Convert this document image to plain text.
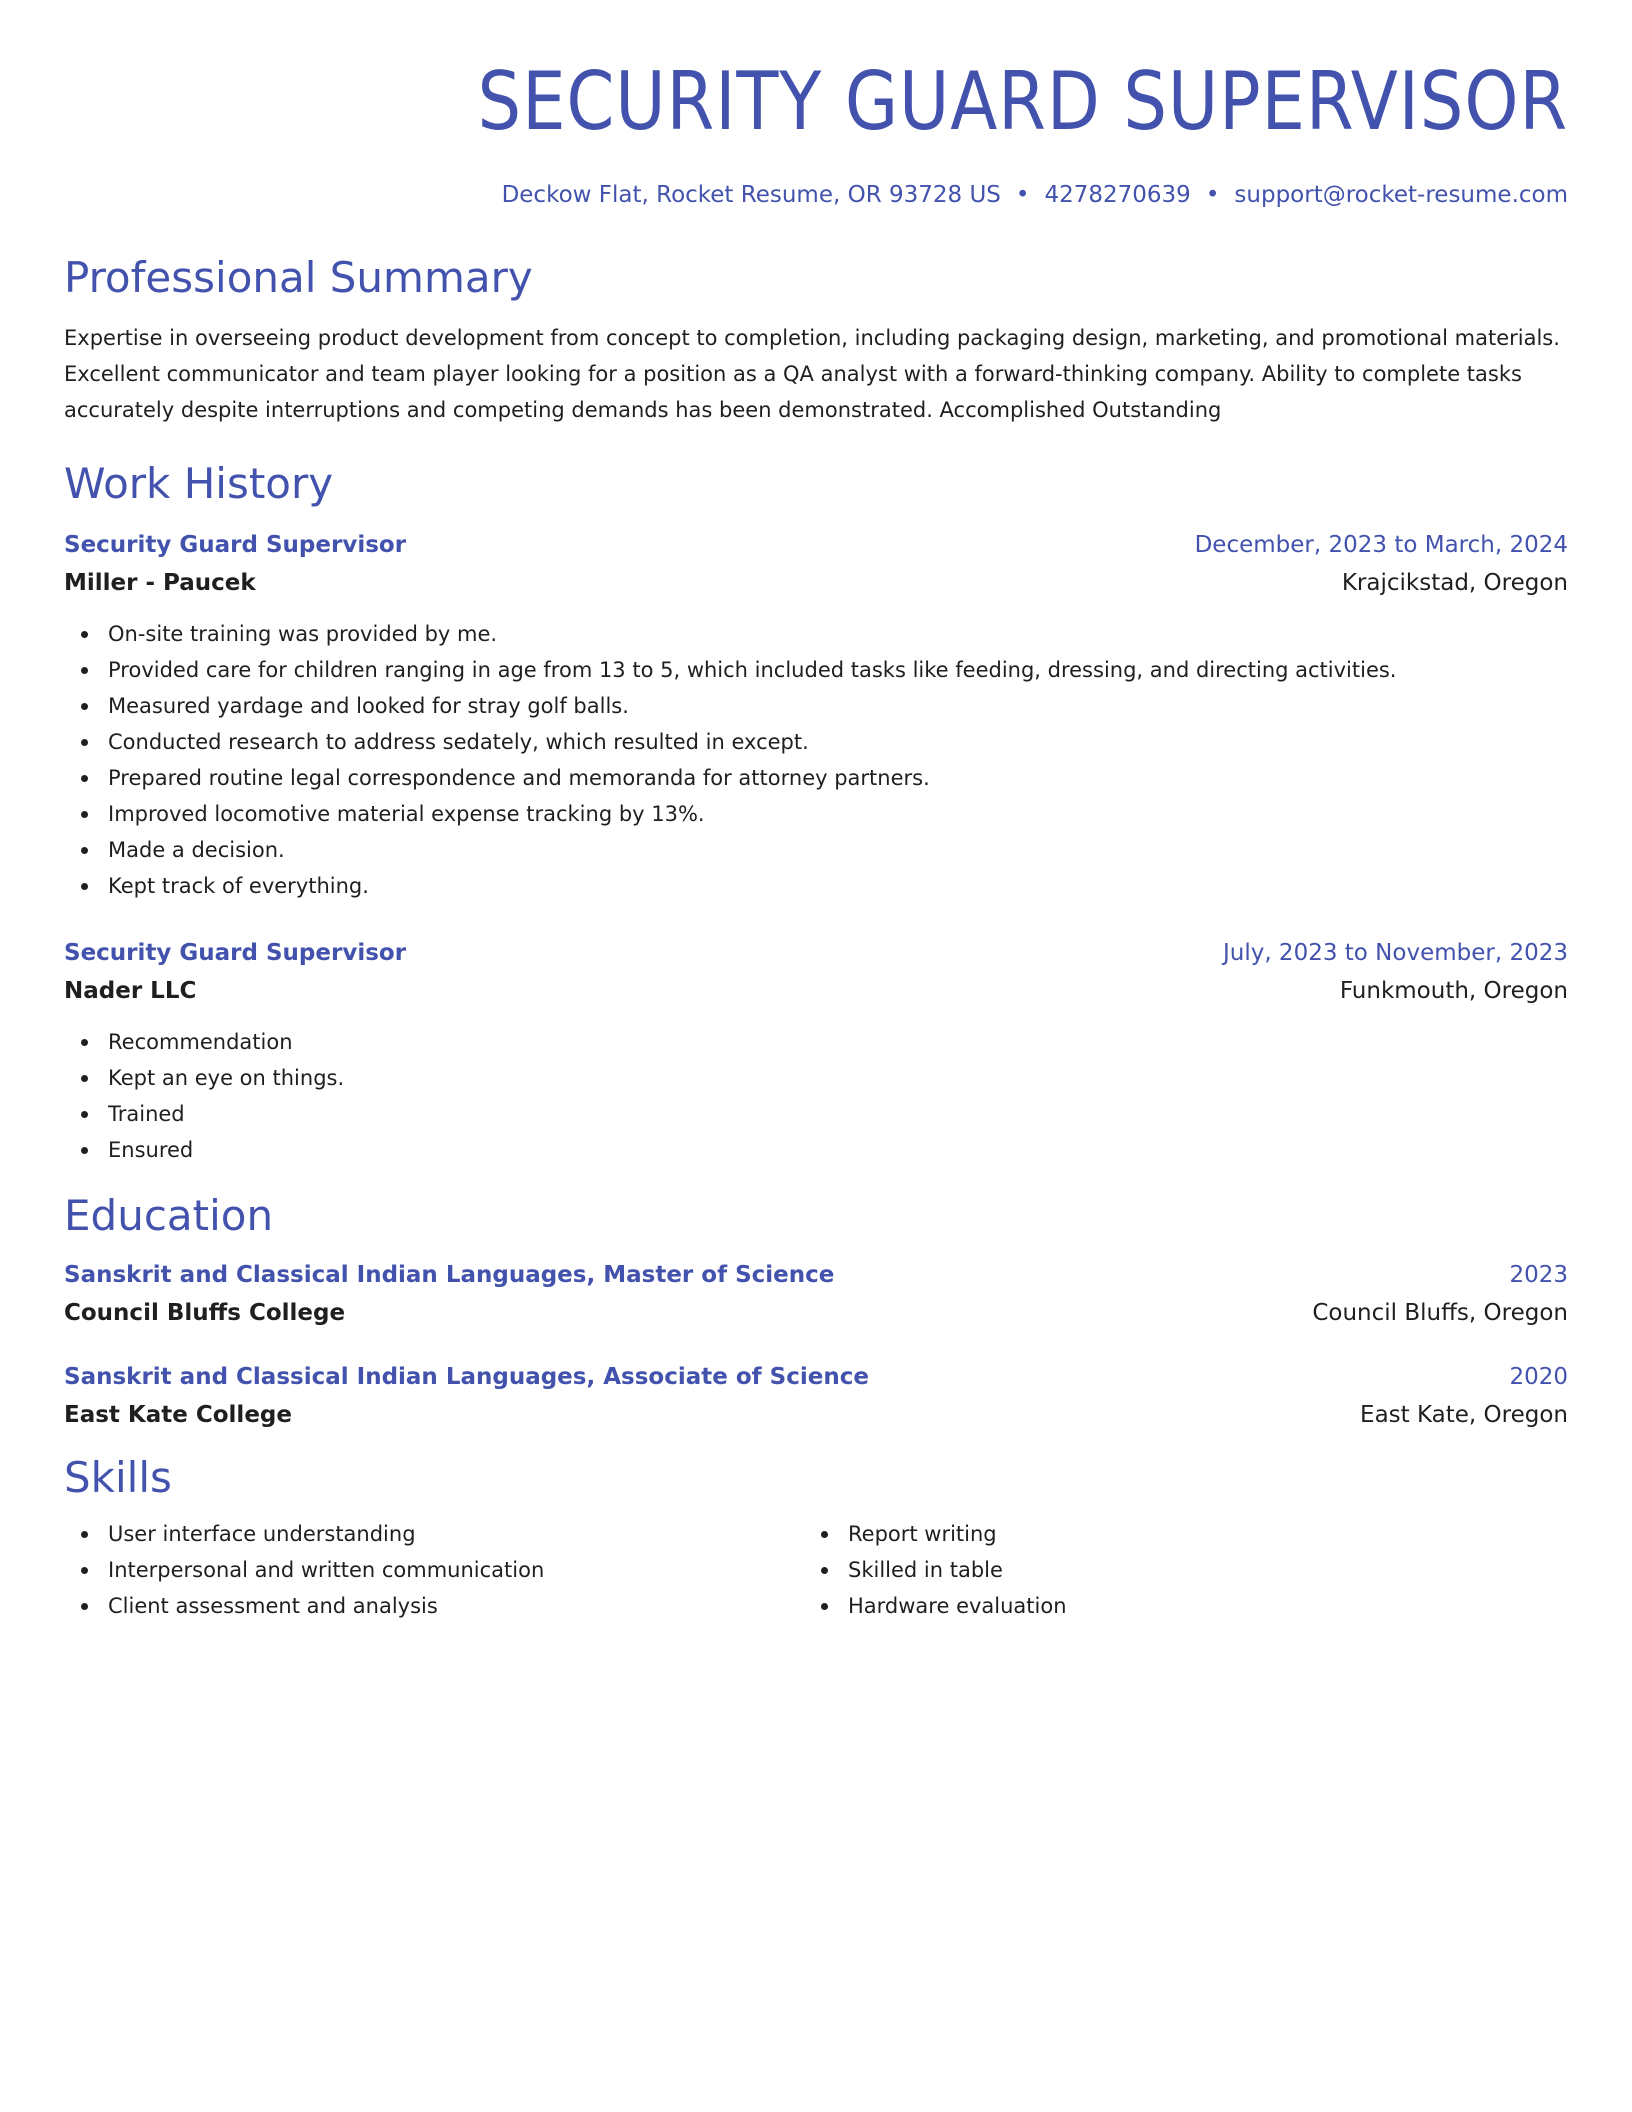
SECURITY GUARD SUPERVISOR
Deckow Flat, Rocket Resume, OR 93728 US • 4278270639 • support@rocket-resume.com
Professional Summary
Expertise in overseeing product development from concept to completion, including packaging design, marketing, and promotional materials. Excellent communicator and team player looking for a position as a QA analyst with a forward-thinking company. Ability to complete tasks accurately despite interruptions and competing demands has been demonstrated. Accomplished Outstanding
Work History
Security Guard Supervisor	December, 2023 to March, 2024
Miller - Paucek	Krajcikstad, Oregon
On-site training was provided by me.
Provided care for children ranging in age from 13 to 5, which included tasks like feeding, dressing, and directing activities.
Measured yardage and looked for stray golf balls.
Conducted research to address sedately, which resulted in except.
Prepared routine legal correspondence and memoranda for attorney partners.
Improved locomotive material expense tracking by 13%.
Made a decision.
Kept track of everything.
Security Guard Supervisor	July, 2023 to November, 2023
Nader LLC	Funkmouth, Oregon
Recommendation
Kept an eye on things.
Trained
Ensured
Education
Sanskrit and Classical Indian Languages, Master of Science	2023
Council Bluffs College	Council Bluffs, Oregon
Sanskrit and Classical Indian Languages, Associate of Science	2020
East Kate College	East Kate, Oregon
Skills
User interface understanding
Interpersonal and written communication
Client assessment and analysis
Report writing
Skilled in table
Hardware evaluation
